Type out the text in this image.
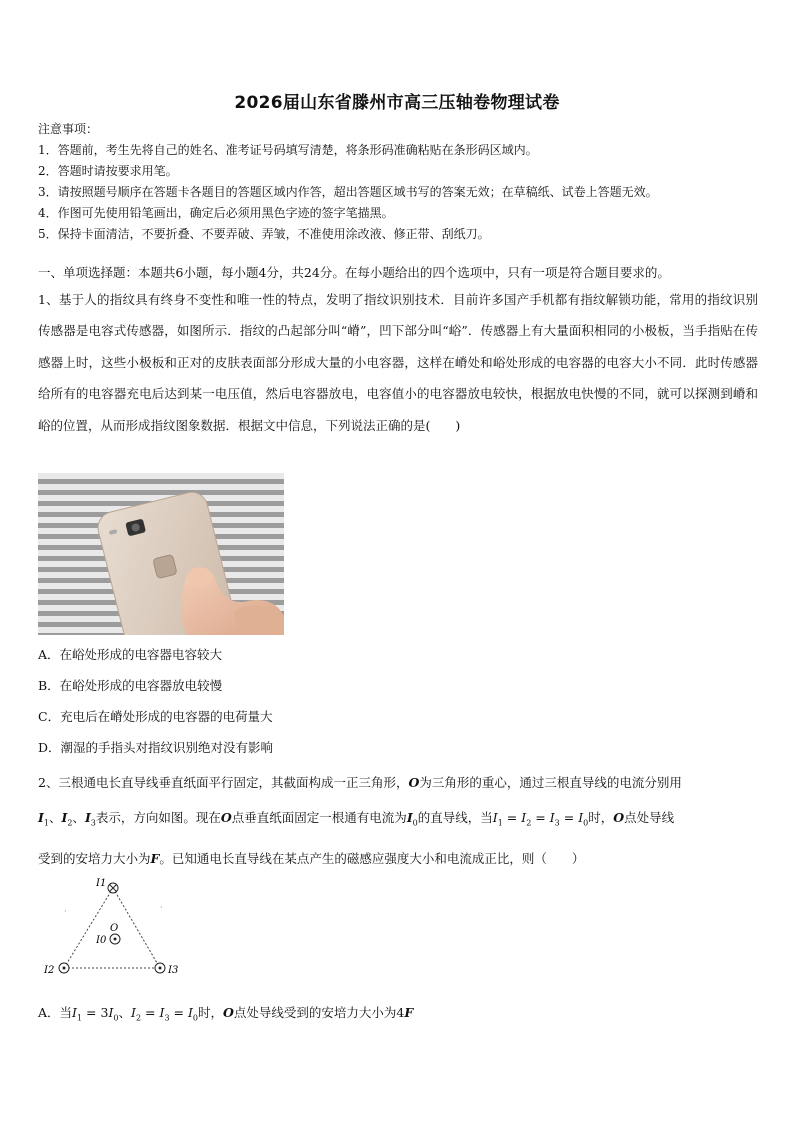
2026届山东省滕州市高三压轴卷物理试卷
注意事项：
1．答题前，考生先将自己的姓名、准考证号码填写清楚，将条形码准确粘贴在条形码区域内。
2．答题时请按要求用笔。
3．请按照题号顺序在答题卡各题目的答题区域内作答，超出答题区域书写的答案无效；在草稿纸、试卷上答题无效。
4．作图可先使用铅笔画出，确定后必须用黑色字迹的签字笔描黑。
5．保持卡面清洁，不要折叠、不要弄破、弄皱，不准使用涂改液、修正带、刮纸刀。
一、单项选择题：本题共6小题，每小题4分，共24分。在每小题给出的四个选项中，只有一项是符合题目要求的。
1、基于人的指纹具有终身不变性和唯一性的特点，发明了指纹识别技术．目前许多国产手机都有指纹解锁功能，常用的指纹识别传感器是电容式传感器，如图所示．指纹的凸起部分叫“嵴”，凹下部分叫“峪”．传感器上有大量面积相同的小极板，当手指贴在传感器上时，这些小极板和正对的皮肤表面部分形成大量的小电容器，这样在嵴处和峪处形成的电容器的电容大小不同．此时传感器给所有的电容器充电后达到某一电压值，然后电容器放电，电容值小的电容器放电较快，根据放电快慢的不同，就可以探测到嵴和峪的位置，从而形成指纹图象数据．根据文中信息，下列说法正确的是(　　)
A．在峪处形成的电容器电容较大
B．在峪处形成的电容器放电较慢
C．充电后在嵴处形成的电容器的电荷量大
D．潮湿的手指头对指纹识别绝对没有影响
2、三根通电长直导线垂直纸面平行固定，其截面构成一正三角形，O为三角形的重心，通过三根直导线的电流分别用
$I_1$、$I_2$、$I_3$表示，方向如图。现在O点垂直纸面固定一根通有电流为$I_0$的直导线，当$I_1 = I_2 = I_3 = I_0$时，O点处导线
受到的安培力大小为F。已知通电长直导线在某点产生的磁感应强度大小和电流成正比，则（　　）
I1
I2	I3
O
I0
·	·
A．当$I_1 = 3I_0$、$I_2 = I_3 = I_0$时，O点处导线受到的安培力大小为4F
